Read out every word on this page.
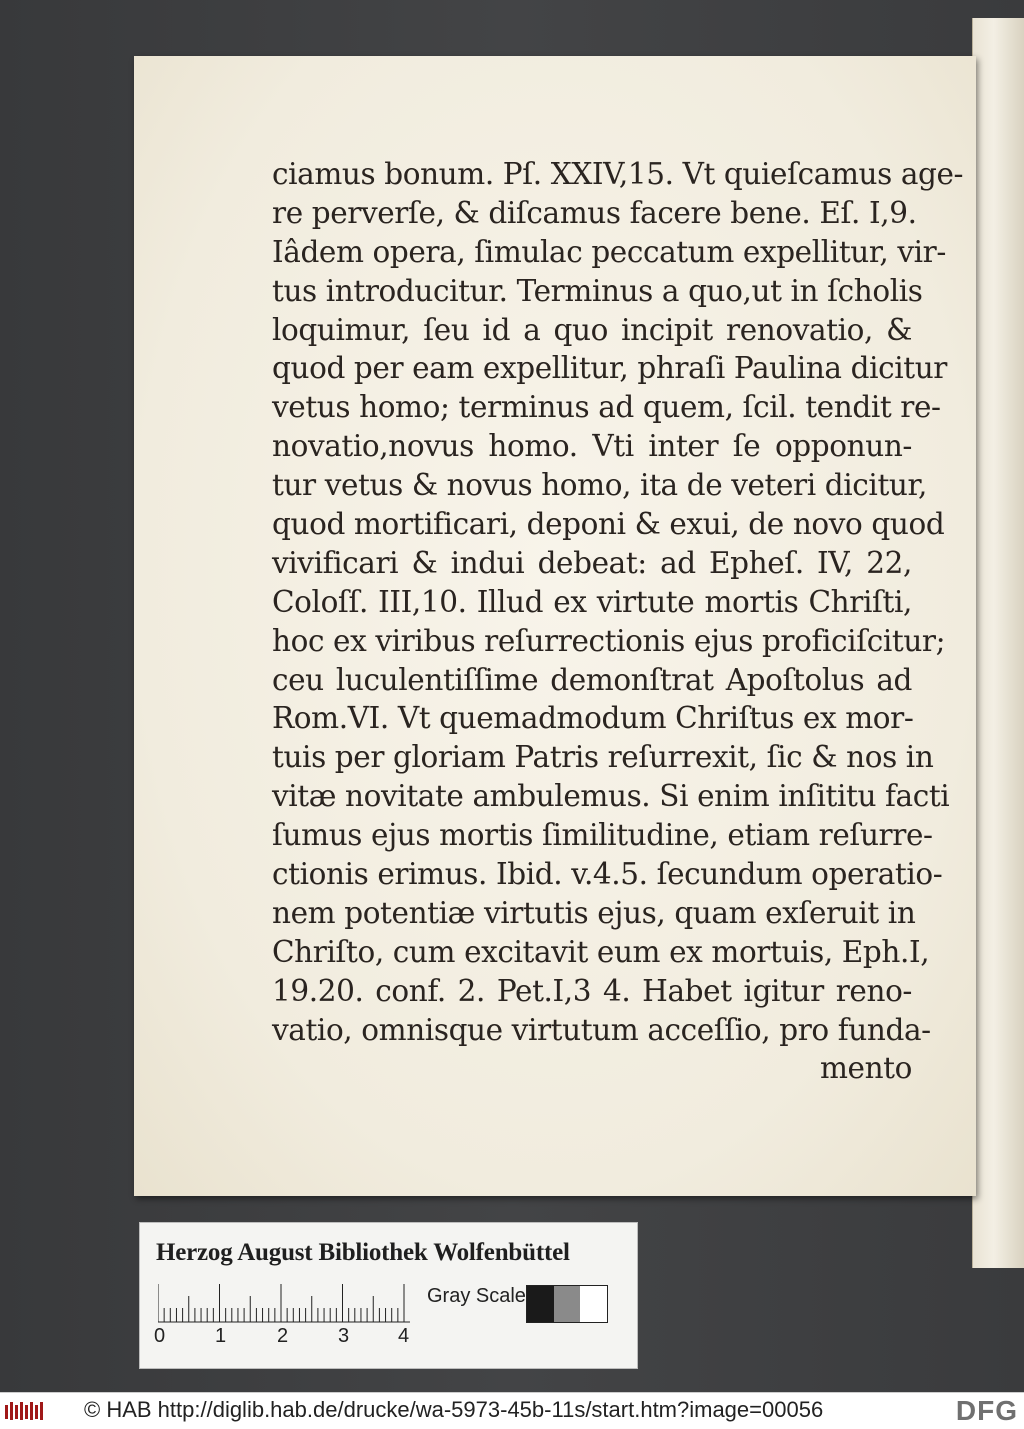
ciamus bonum. Pſ. XXIV,15. Vt quieſcamus age-
re perverſe, & diſcamus facere bene. Eſ. I,9.
Iâdem opera, ſimulac peccatum expellitur, vir-
tus introducitur. Terminus a quo,ut in ſcholis
loquimur, ſeu id a quo incipit renovatio, &
quod per eam expellitur, phraſi Paulina dicitur
vetus homo; terminus ad quem, ſcil. tendit re-
novatio,novus homo. Vti inter ſe opponun-
tur vetus & novus homo, ita de veteri dicitur,
quod mortificari, deponi & exui, de novo quod
vivificari & indui debeat: ad Epheſ. IV, 22,
Coloſſ. III,10. Illud ex virtute mortis Chriſti,
hoc ex viribus reſurrectionis ejus proficiſcitur;
ceu luculentiſſime demonſtrat Apoſtolus ad
Rom.VI. Vt quemadmodum Chriſtus ex mor-
tuis per gloriam Patris reſurrexit, ſic & nos in
vitæ novitate ambulemus. Si enim inſititu facti
ſumus ejus mortis ſimilitudine, etiam reſurre-
ctionis erimus. Ibid. v.4.5. ſecundum operatio-
nem potentiæ virtutis ejus, quam exſeruit in
Chriſto, cum excitavit eum ex mortuis, Eph.I,
19.20. conf. 2. Pet.I,3 4. Habet igitur reno-
vatio, omnisque virtutum acceſſio, pro funda-
mento
Herzog August Bibliothek Wolfenbüttel
0 1	2 3 4
Gray Scale
© HAB http://diglib.hab.de/drucke/wa-5973-45b-11s/start.htm?image=00056	DFG
